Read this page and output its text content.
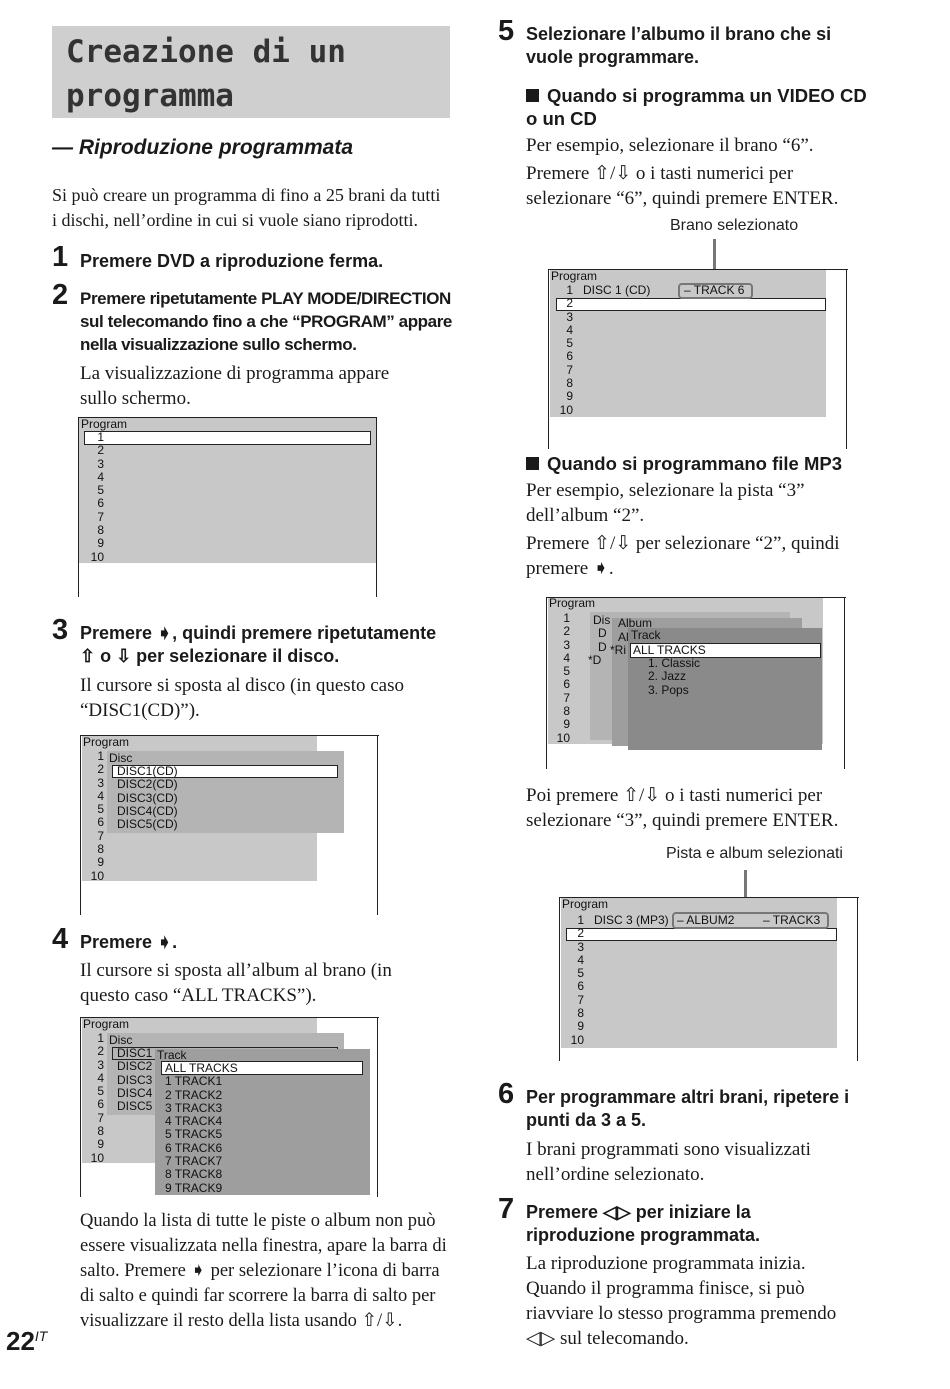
Creazione di un
programma
— Riproduzione programmata
Si può creare un programma di fino a 25 brani da tutti
i dischi, nell’ordine in cui si vuole siano riprodotti.
1 Premere DVD a riproduzione ferma.
2 Premere ripetutamente PLAY MODE/DIRECTION
sul telecomando fino a che “PROGRAM” appare
nella visualizzazione sullo schermo.
La visualizzazione di programma appare
sullo schermo.
Program
1
2
3
4
5
6
7
8
9
10
3 Premere ➧, quindi premere ripetutamente
⇧ o ⇩ per selezionare il disco.
Il cursore si sposta al disco (in questo caso
“DISC1(CD)”).
Program
Disc
1
2
3
4
5
6
7
8
9
10
DISC1(CD)
DISC2(CD)
DISC3(CD)
DISC4(CD)
DISC5(CD)
4 Premere ➧.
Il cursore si sposta all’album al brano (in
questo caso “ALL TRACKS”).
Program
Disc
1
2
3
4
5
6
7
8
9
10
DISC1
DISC2
DISC3
DISC4
DISC5
Track
ALL TRACKS
1 TRACK1
2 TRACK2
3 TRACK3
4 TRACK4
5 TRACK5
6 TRACK6
7 TRACK7
8 TRACK8
9 TRACK9
Quando la lista di tutte le piste o album non può
essere visualizzata nella finestra, apare la barra di
salto. Premere ➧ per selezionare l’icona di barra
di salto e quindi far scorrere la barra di salto per
visualizzare il resto della lista usando ⇧/⇩.
$22^{IT}$
5 Selezionare l’albumo il brano che si
vuole programmare.
Quando si programma un VIDEO CD
o un CD
Per esempio, selezionare il brano “6”.
Premere ⇧/⇩ o i tasti numerici per
selezionare “6”, quindi premere ENTER.
Brano selezionato
Program
1
2
3
4
5
6
7
8
9
10
DISC 1 (CD)	– TRACK 6
Quando si programmano file MP3
Per esempio, selezionare la pista “3”
dell’album “2”.
Premere ⇧/⇩ per selezionare “2”, quindi
premere ➧.
Program
1
2
3
4
5
6
7
8
9
10
Dis
D
D
*D
Album
Al
*Ri
Track
ALL TRACKS
1. Classic
2. Jazz
3. Pops
Poi premere ⇧/⇩ o i tasti numerici per
selezionare “3”, quindi premere ENTER.
Pista e album selezionati
Program
1
2
3
4
5
6
7
8
9
10
DISC 3 (MP3) – ALBUM2 – TRACK3
6 Per programmare altri brani, ripetere i
punti da 3 a 5.
I brani programmati sono visualizzati
nell’ordine selezionato.
7 Premere ◁▷ per iniziare la
riproduzione programmata.
La riproduzione programmata inizia.
Quando il programma finisce, si può
riavviare lo stesso programma premendo
◁▷ sul telecomando.
